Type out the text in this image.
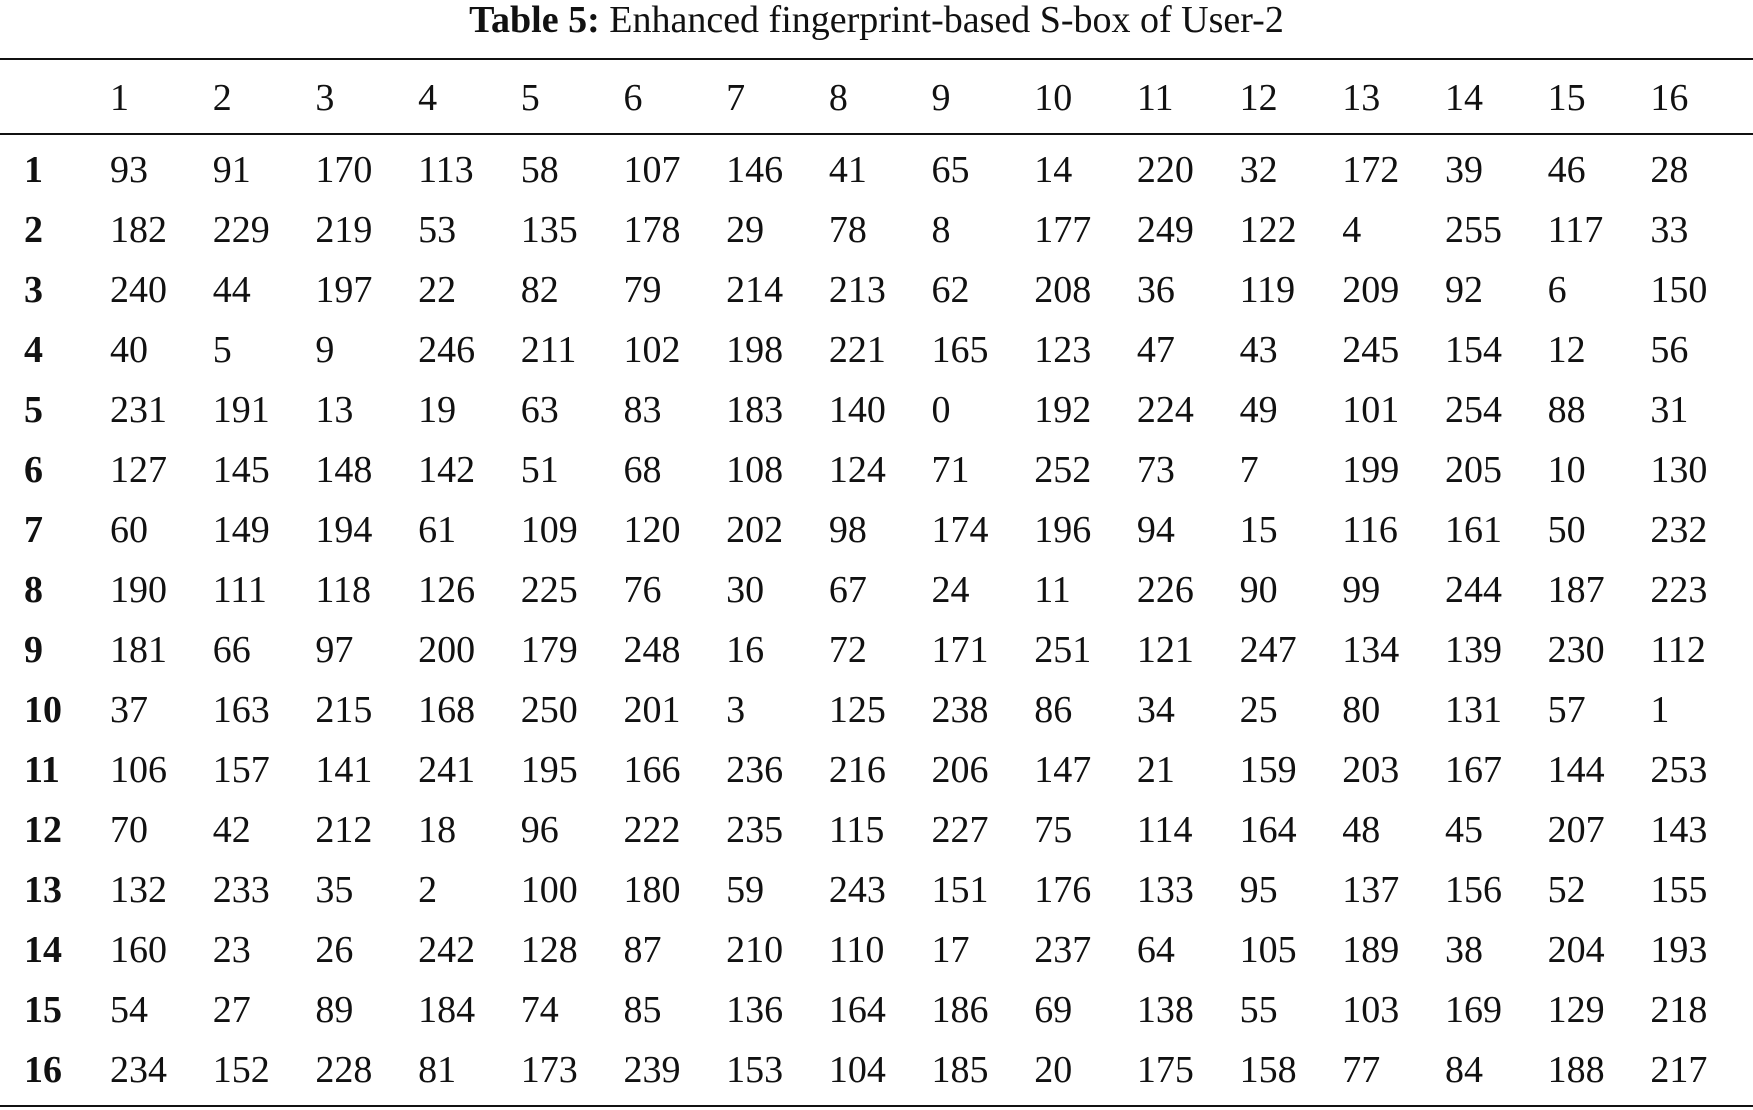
Table 5: Enhanced fingerprint-based S-box of User-2
	1	2	3	4	5	6	7	8	9	10	11	12	13	14	15	16
1	93	91	170	113	58	107	146	41	65	14	220	32	172	39	46	28
2	182	229	219	53	135	178	29	78	8	177	249	122	4	255	117	33
3	240	44	197	22	82	79	214	213	62	208	36	119	209	92	6	150
4	40	5	9	246	211	102	198	221	165	123	47	43	245	154	12	56
5	231	191	13	19	63	83	183	140	0	192	224	49	101	254	88	31
6	127	145	148	142	51	68	108	124	71	252	73	7	199	205	10	130
7	60	149	194	61	109	120	202	98	174	196	94	15	116	161	50	232
8	190	111	118	126	225	76	30	67	24	11	226	90	99	244	187	223
9	181	66	97	200	179	248	16	72	171	251	121	247	134	139	230	112
10	37	163	215	168	250	201	3	125	238	86	34	25	80	131	57	1
11	106	157	141	241	195	166	236	216	206	147	21	159	203	167	144	253
12	70	42	212	18	96	222	235	115	227	75	114	164	48	45	207	143
13	132	233	35	2	100	180	59	243	151	176	133	95	137	156	52	155
14	160	23	26	242	128	87	210	110	17	237	64	105	189	38	204	193
15	54	27	89	184	74	85	136	164	186	69	138	55	103	169	129	218
16	234	152	228	81	173	239	153	104	185	20	175	158	77	84	188	217
